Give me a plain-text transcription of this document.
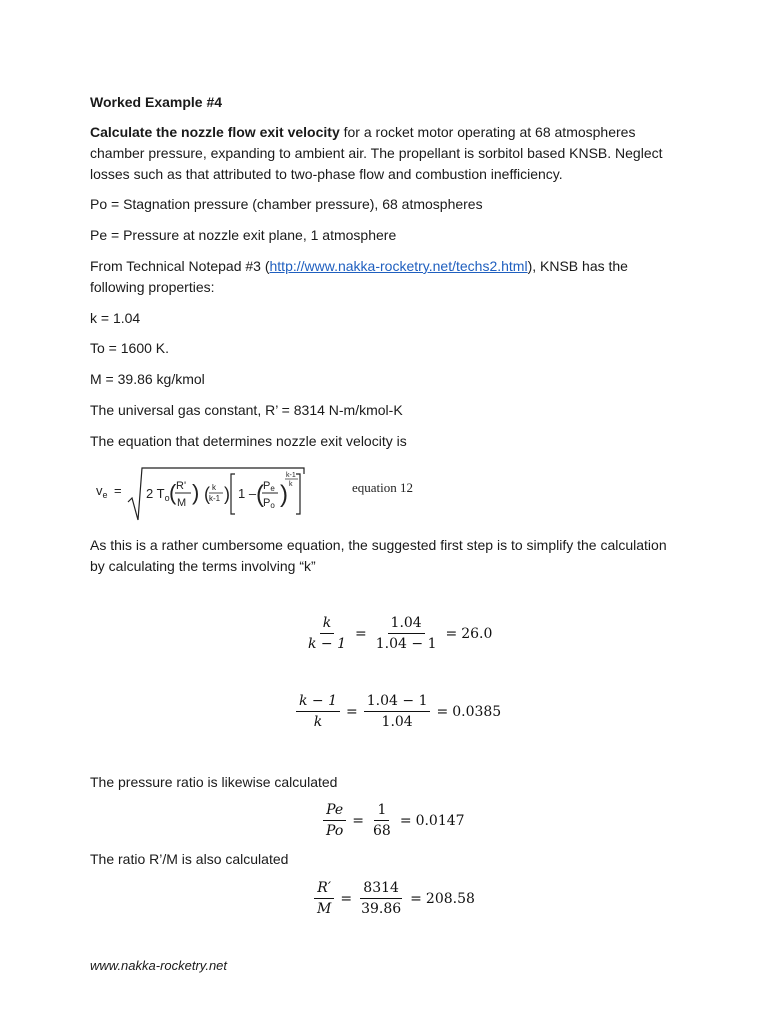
Worked Example #4

Calculate the nozzle flow exit velocity for a rocket motor operating at 68 atmospheres
chamber pressure, expanding to ambient air. The propellant is sorbitol based KNSB. Neglect
losses such as that attributed to two-phase flow and combustion inefficiency.

Po = Stagnation pressure (chamber pressure), 68 atmospheres

Pe = Pressure at nozzle exit plane, 1 atmosphere

From Technical Notepad #3 (http://www.nakka-rocketry.net/techs2.html), KNSB has the
following properties:

k = 1.04

To = 1600 K.

M = 39.86 kg/kmol

The universal gas constant, R’ = 8314 N-m/kmol-K

The equation that determines nozzle exit velocity is

$v_e = 2$ $T_o$ ( R'
M ) ( k
k-1 ) 1 – ( Pe
Po )
k-1
k	equation 12

As this is a rather cumbersome equation, the suggested first step is to simplify the calculation
by calculating the terms involving “k”

$\frac{k}{k - 1} = \frac{1.04}{1.04 - 1} = 26.0$
$\frac{k - 1}{k} = \frac{1.04 - 1}{1.04} = 0.0385$

The pressure ratio is likewise calculated

$\frac{Pe}{Po} = \frac{1}{68} = 0.0147$

The ratio R’/M is also calculated

$\frac{R'}{M} = \frac{8314}{39.86} = 208.58$
www.nakka-rocketry.net
